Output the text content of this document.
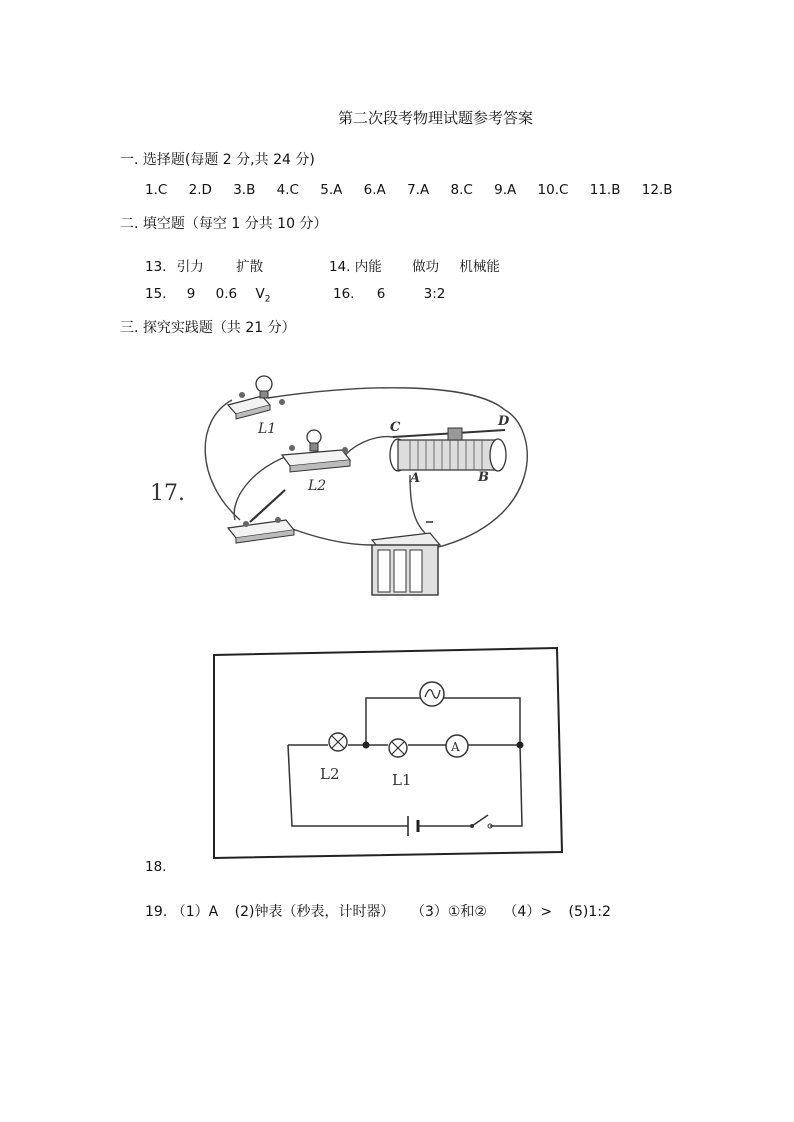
第二次段考物理试题参考答案
一. 选择题(每题 2 分,共 24 分)
1.C 2.D 3.B 4.C 5.A 6.A 7.A 8.C 9.A 10.C 11.B 12.B
二. 填空题（每空 1 分共 10 分）
13. 引力 扩散	14. 内能 做功 机械能
15. 9 0.6 $V_2$	16. 6	3:2
三. 探究实践题（共 21 分）
17.
L1
L2
C	D
A	B
L2	L1
A
18.
19. （1）A (2)钟表（秒表，计时器） （3）①和② （4）> (5)1:2
